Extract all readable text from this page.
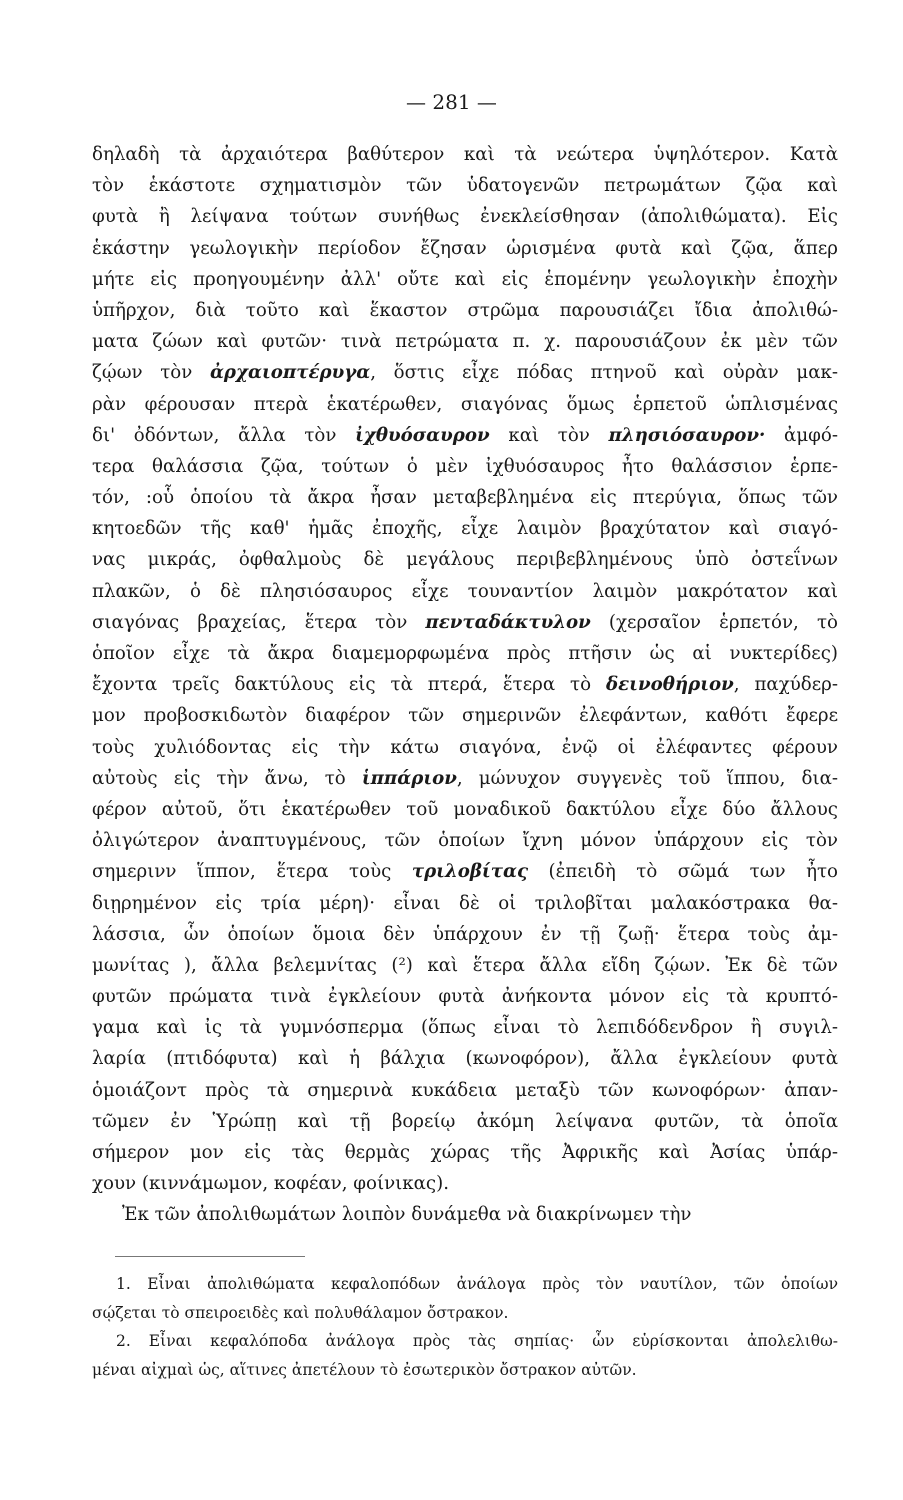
— 281 —
δηλαδὴ τὰ ἀρχαιότερα βαθύτερον καὶ τὰ νεώτερα ὑψηλότερον. Κατὰ
τὸν ἑκάστοτε σχηματισμὸν τῶν ὑδατογενῶν πετρωμάτων ζῷα καὶ
φυτὰ ἢ λείψανα τούτων συνήθως ἐνεκλείσθησαν (ἀπολιθώματα). Εἰς
ἑκάστην γεωλογικὴν περίοδον ἔζησαν ὡρισμένα φυτὰ καὶ ζῷα, ἅπερ
μήτε εἰς προηγουμένην ἀλλ' οὔτε καὶ εἰς ἑπομένην γεωλογικὴν ἐποχὴν
ὑπῆρχον, διὰ τοῦτο καὶ ἕκαστον στρῶμα παρουσιάζει ἴδια ἀπολιθώ-
ματα ζώων καὶ φυτῶν· τινὰ πετρώματα π. χ. παρουσιάζουν ἐκ μὲν τῶν
ζῴων τὸν ἀρχαιοπτέρυγα, ὅστις εἶχε πόδας πτηνοῦ καὶ οὐρὰν μακ-
ρὰν φέρουσαν πτερὰ ἑκατέρωθεν, σιαγόνας ὅμως ἑρπετοῦ ὡπλισμένας
δι' ὀδόντων, ἄλλα τὸν ἰχθυόσαυρον καὶ τὸν πλησιόσαυρον· ἀμφό-
τερα θαλάσσια ζῷα, τούτων ὁ μὲν ἰχθυόσαυρος ἦτο θαλάσσιον ἑρπε-
τόν, :οὗ ὁποίου τὰ ἄκρα ἦσαν μεταβεβλημένα εἰς πτερύγια, ὅπως τῶν
κητοεδῶν τῆς καθ' ἡμᾶς ἐποχῆς, εἶχε λαιμὸν βραχύτατον καὶ σιαγό-
νας μικράς, ὀφθαλμοὺς δὲ μεγάλους περιβεβλημένους ὑπὸ ὀστεΐνων
πλακῶν, ὁ δὲ πλησιόσαυρος εἶχε τουναντίον λαιμὸν μακρότατον καὶ
σιαγόνας βραχείας, ἕτερα τὸν πενταδάκτυλον (χερσαῖον ἑρπετόν, τὸ
ὁποῖον εἶχε τὰ ἄκρα διαμεμορφωμένα πρὸς πτῆσιν ὡς αἱ νυκτερίδες)
ἔχοντα τρεῖς δακτύλους εἰς τὰ πτερά, ἕτερα τὸ δεινοθήριον, παχύδερ-
μον προβοσκιδωτὸν διαφέρον τῶν σημερινῶν ἐλεφάντων, καθότι ἔφερε
τοὺς χυλιόδοντας εἰς τὴν κάτω σιαγόνα, ἐνῷ οἱ ἐλέφαντες φέρουν
αὐτοὺς εἰς τὴν ἄνω, τὸ ἱππάριον, μώνυχον συγγενὲς τοῦ ἵππου, δια-
φέρον αὐτοῦ, ὅτι ἑκατέρωθεν τοῦ μοναδικοῦ δακτύλου εἶχε δύο ἄλλους
ὀλιγώτερον ἀναπτυγμένους, τῶν ὁποίων ἴχνη μόνον ὑπάρχουν εἰς τὸν
σημερινν ἵππον, ἕτερα τοὺς τριλοβίτας (ἐπειδὴ τὸ σῶμά των ἦτο
διῃρημένον εἰς τρία μέρη)· εἶναι δὲ οἱ τριλοβῖται μαλακόστρακα θα-
λάσσια, ὧν ὁποίων ὅμοια δὲν ὑπάρχουν ἐν τῇ ζωῇ· ἕτερα τοὺς ἀμ-
μωνίτας ), ἄλλα βελεμνίτας (²) καὶ ἕτερα ἄλλα εἴδη ζῴων. Ἐκ δὲ τῶν
φυτῶν πρώματα τινὰ ἐγκλείουν φυτὰ ἀνήκοντα μόνον εἰς τὰ κρυπτό-
γαμα καὶ ἰς τὰ γυμνόσπερμα (ὅπως εἶναι τὸ λεπιδόδενδρον ἢ συγιλ-
λαρία (πτιδόφυτα) καὶ ἡ βάλχια (κωνοφόρον), ἄλλα ἐγκλείουν φυτὰ
ὁμοιάζοντ πρὸς τὰ σημερινὰ κυκάδεια μεταξὺ τῶν κωνοφόρων· ἀπαν-
τῶμεν ἐν Ὑρώπῃ καὶ τῇ βορείῳ ἀκόμη λείψανα φυτῶν, τὰ ὁποῖα
σήμερον μον εἰς τὰς θερμὰς χώρας τῆς Ἀφρικῆς καὶ Ἀσίας ὑπάρ-
χουν (κιννάμωμον, κοφέαν, φοίνικας).
Ἐκ τῶν ἀπολιθωμάτων λοιπὸν δυνάμεθα νὰ διακρίνωμεν τὴν
1. Εἶναι ἀπολιθώματα κεφαλοπόδων ἀνάλογα πρὸς τὸν ναυτίλον, τῶν ὁποίων
σῴζεται τὸ σπειροειδὲς καὶ πολυθάλαμον ὄστρακον.
2. Εἶναι κεφαλόποδα ἀνάλογα πρὸς τὰς σηπίας· ὧν εὑρίσκονται ἀπολελιθω-
μέναι αἰχμαὶ ὡς, αἵτινες ἀπετέλουν τὸ ἐσωτερικὸν ὄστρακον αὐτῶν.
